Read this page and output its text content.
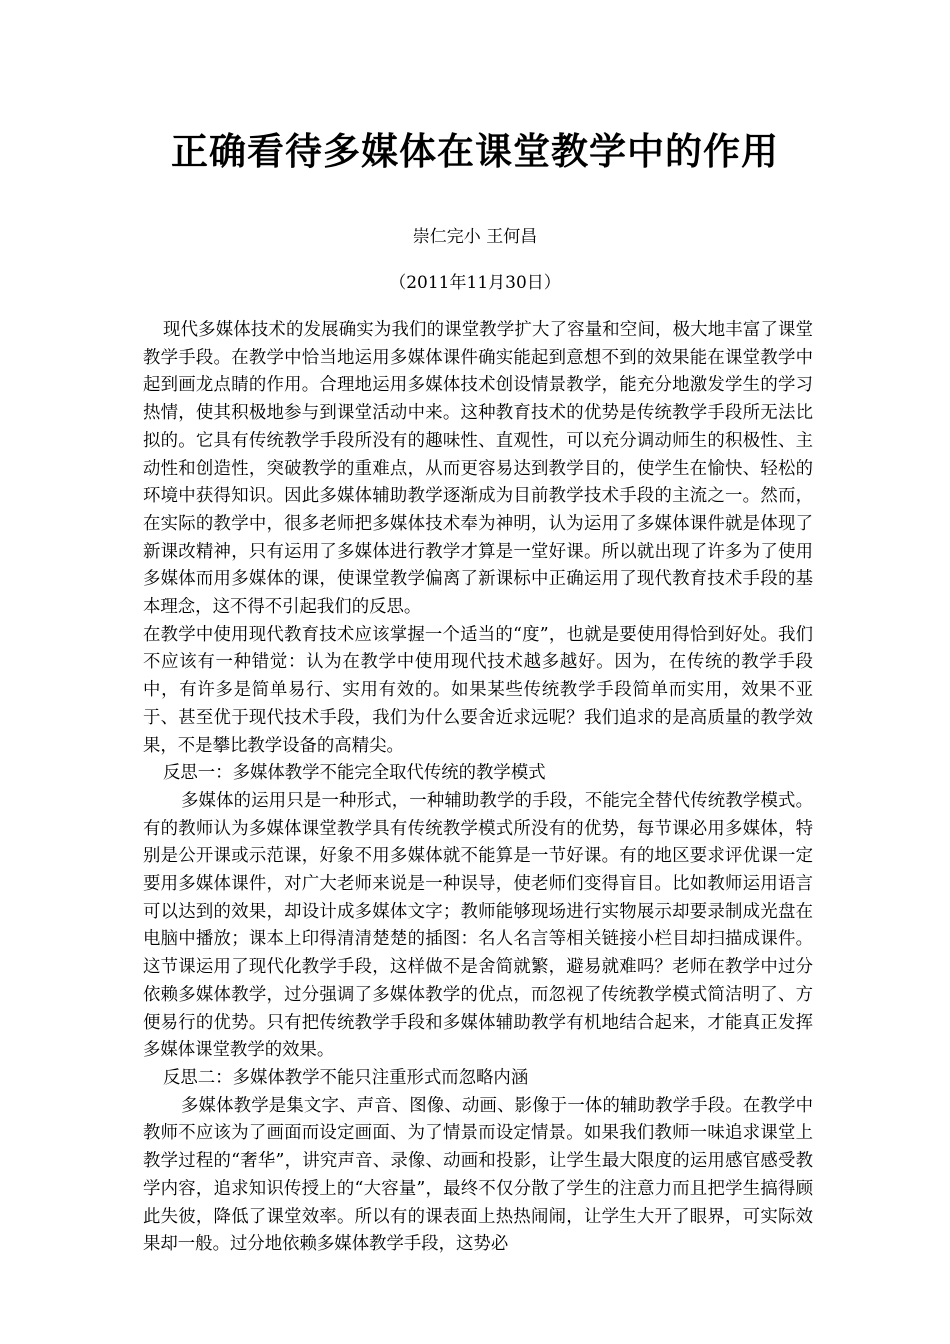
正确看待多媒体在课堂教学中的作用
崇仁完小 王何昌
（2011年11月30日）

现代多媒体技术的发展确实为我们的课堂教学扩大了容量和空间，极大地丰富了课堂教学手段。在教学中恰当地运用多媒体课件确实能起到意想不到的效果能在课堂教学中起到画龙点睛的作用。合理地运用多媒体技术创设情景教学，能充分地激发学生的学习热情，使其积极地参与到课堂活动中来。这种教育技术的优势是传统教学手段所无法比拟的。它具有传统教学手段所没有的趣味性、直观性，可以充分调动师生的积极性、主动性和创造性，突破教学的重难点，从而更容易达到教学目的，使学生在愉快、轻松的环境中获得知识。因此多媒体辅助教学逐渐成为目前教学技术手段的主流之一。然而，在实际的教学中，很多老师把多媒体技术奉为神明，认为运用了多媒体课件就是体现了新课改精神，只有运用了多媒体进行教学才算是一堂好课。所以就出现了许多为了使用多媒体而用多媒体的课，使课堂教学偏离了新课标中正确运用了现代教育技术手段的基本理念，这不得不引起我们的反思。

在教学中使用现代教育技术应该掌握一个适当的“度”，也就是要使用得恰到好处。我们不应该有一种错觉：认为在教学中使用现代技术越多越好。因为，在传统的教学手段中，有许多是简单易行、实用有效的。如果某些传统教学手段简单而实用，效果不亚于、甚至优于现代技术手段，我们为什么要舍近求远呢？我们追求的是高质量的教学效果，不是攀比教学设备的高精尖。

反思一：多媒体教学不能完全取代传统的教学模式

多媒体的运用只是一种形式，一种辅助教学的手段，不能完全替代传统教学模式。有的教师认为多媒体课堂教学具有传统教学模式所没有的优势，每节课必用多媒体，特别是公开课或示范课，好象不用多媒体就不能算是一节好课。有的地区要求评优课一定要用多媒体课件，对广大老师来说是一种误导，使老师们变得盲目。比如教师运用语言可以达到的效果，却设计成多媒体文字；教师能够现场进行实物展示却要录制成光盘在电脑中播放；课本上印得清清楚楚的插图：名人名言等相关链接小栏目却扫描成课件。这节课运用了现代化教学手段，这样做不是舍简就繁，避易就难吗？老师在教学中过分依赖多媒体教学，过分强调了多媒体教学的优点，而忽视了传统教学模式简洁明了、方便易行的优势。只有把传统教学手段和多媒体辅助教学有机地结合起来，才能真正发挥多媒体课堂教学的效果。

反思二：多媒体教学不能只注重形式而忽略内涵

多媒体教学是集文字、声音、图像、动画、影像于一体的辅助教学手段。在教学中教师不应该为了画面而设定画面、为了情景而设定情景。如果我们教师一味追求课堂上教学过程的“奢华”，讲究声音、录像、动画和投影，让学生最大限度的运用感官感受教学内容，追求知识传授上的“大容量”，最终不仅分散了学生的注意力而且把学生搞得顾此失彼，降低了课堂效率。所以有的课表面上热热闹闹，让学生大开了眼界，可实际效果却一般。过分地依赖多媒体教学手段，这势必
